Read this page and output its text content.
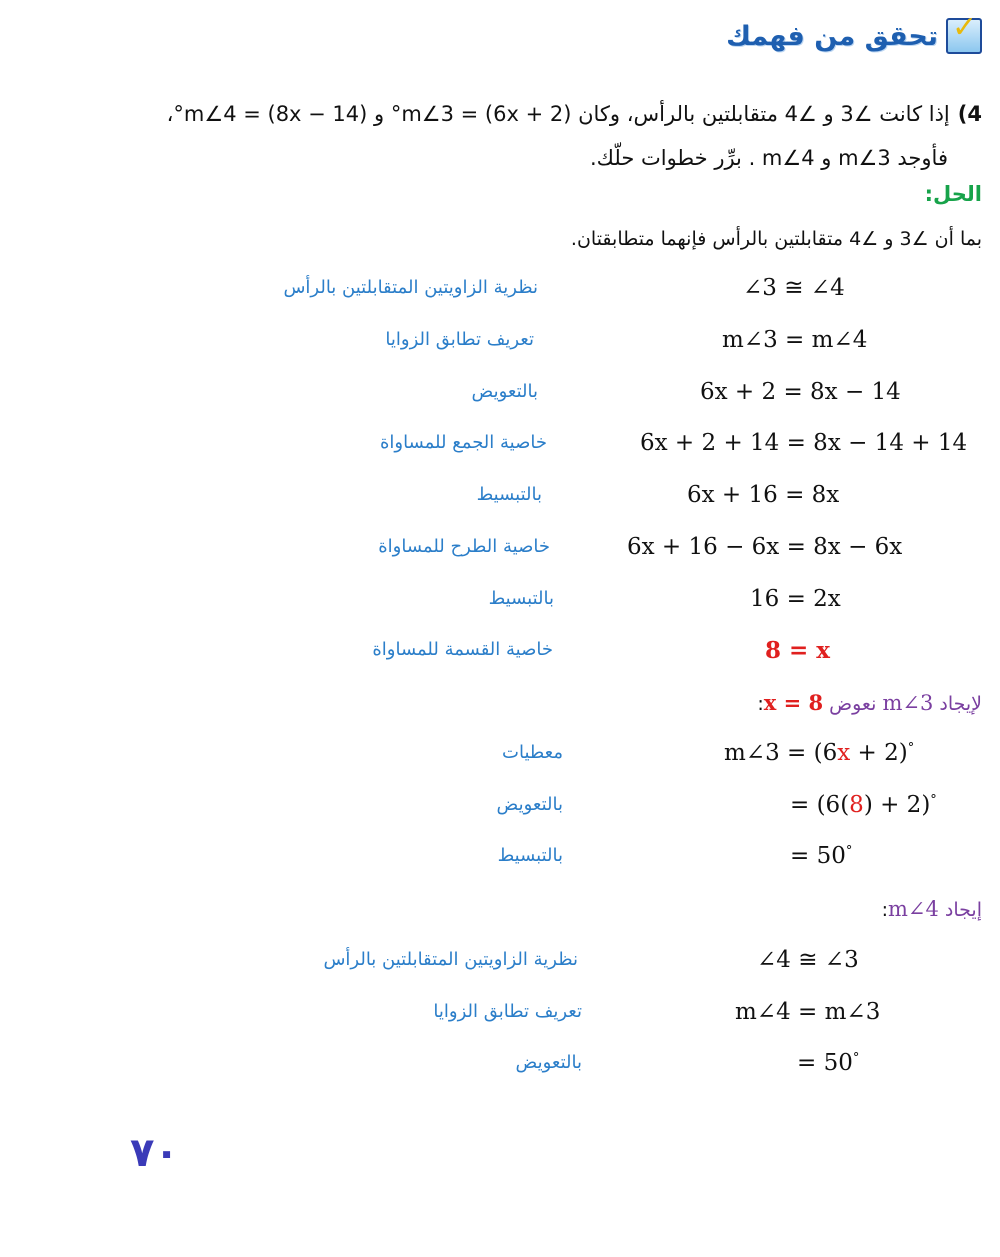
تحقق من فهمك ✓
4)إذا كانت ∠3 و ∠4 متقابلتين بالرأس، وكان m∠3 = (6x + 2)° و m∠4 = (8x − 14)°،
فأوجد m∠3 و m∠4 . برِّر خطوات حلّك.
الحل:
بما أن ∠3 و ∠4 متقابلتين بالرأس فإنهما متطابقتان.
∠3 ≅ ∠4
نظرية الزاويتين المتقابلتين بالرأس
m∠3 = m∠4
تعريف تطابق الزوايا
6x + 2 = 8x − 14
بالتعويض
6x + 2 + 14 = 8x − 14 + 14
خاصية الجمع للمساواة
6x + 16 = 8x
بالتبسيط
6x + 16 − 6x = 8x − 6x
خاصية الطرح للمساواة
16 = 2x
بالتبسيط
8 = x
خاصية القسمة للمساواة
لإيجاد m∠3 نعوض x = 8:
m∠3 = (6x + 2)°
معطيات
= (6(8) + 2)°
بالتعويض
= 50°
بالتبسيط
إيجاد m∠4:
∠4 ≅ ∠3
نظرية الزاويتين المتقابلتين بالرأس
m∠4 = m∠3
تعريف تطابق الزوايا
= 50°
بالتعويض
٧٠
